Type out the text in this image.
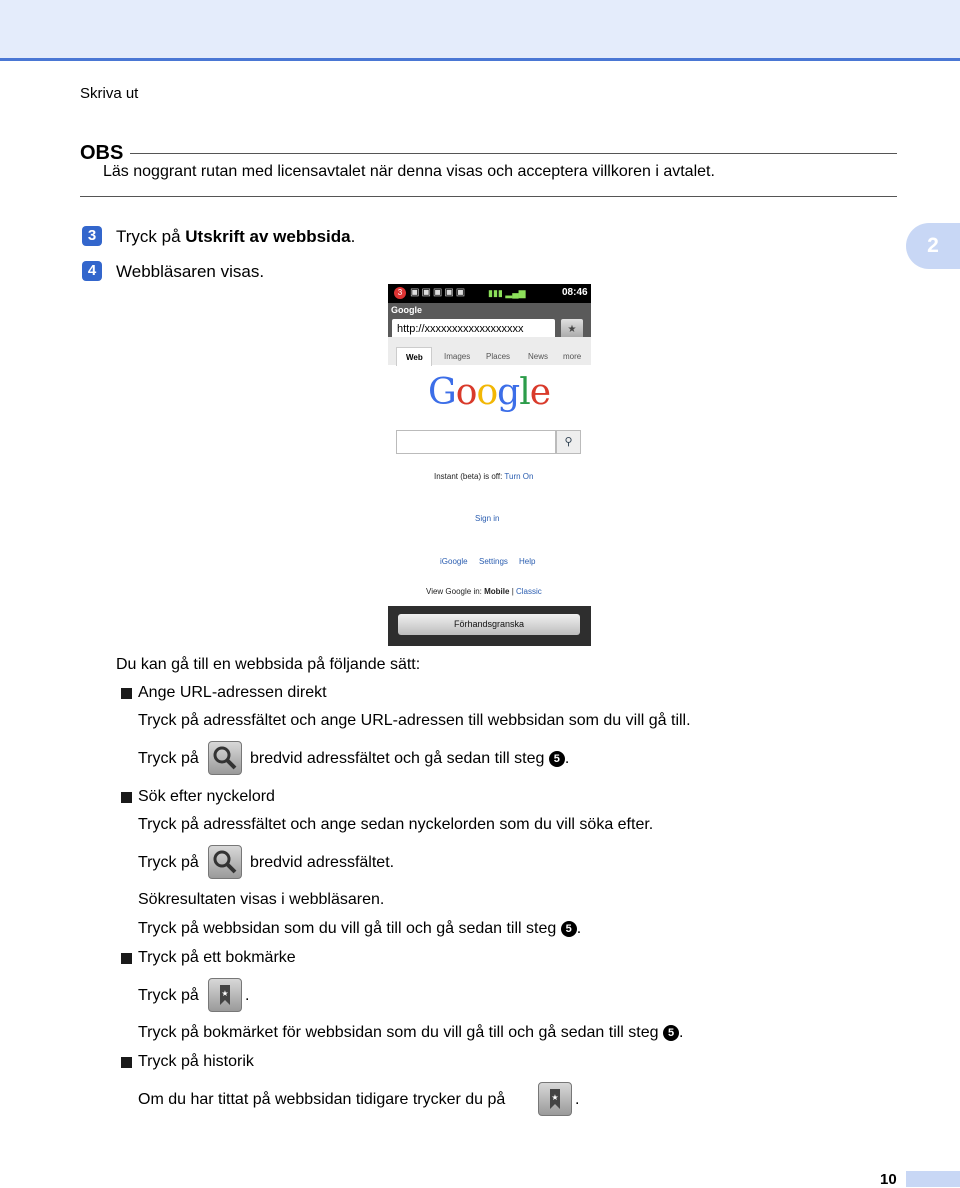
Skriva ut
OBS
Läs noggrant rutan med licensavtalet när denna visas och acceptera villkoren i avtalet.
2
3	Tryck på Utskrift av webbsida.
4	Webbläsaren visas.
3 ▣▣▣▣▣	▮▮▮ ▂▄▆	08:46
Google
http://xxxxxxxxxxxxxxxxxx	★
Web	Images Places News more
Google
⚲
Instant (beta) is off: Turn On
Sign in
iGoogle Settings Help
View Google in: Mobile | Classic
Förhandsgranska
Du kan gå till en webbsida på följande sätt:
Ange URL-adressen direkt
Tryck på adressfältet och ange URL-adressen till webbsidan som du vill gå till.
Tryck på	bredvid adressfältet och gå sedan till steg 5 .
Sök efter nyckelord
Tryck på adressfältet och ange sedan nyckelorden som du vill söka efter.
Tryck på	bredvid adressfältet.
Sökresultaten visas i webbläsaren.
Tryck på webbsidan som du vill gå till och gå sedan till steg 5 .
Tryck på ett bokmärke
Tryck på	★ .
Tryck på bokmärket för webbsidan som du vill gå till och gå sedan till steg 5 .
Tryck på historik
Om du har tittat på webbsidan tidigare trycker du på	★ .
10
